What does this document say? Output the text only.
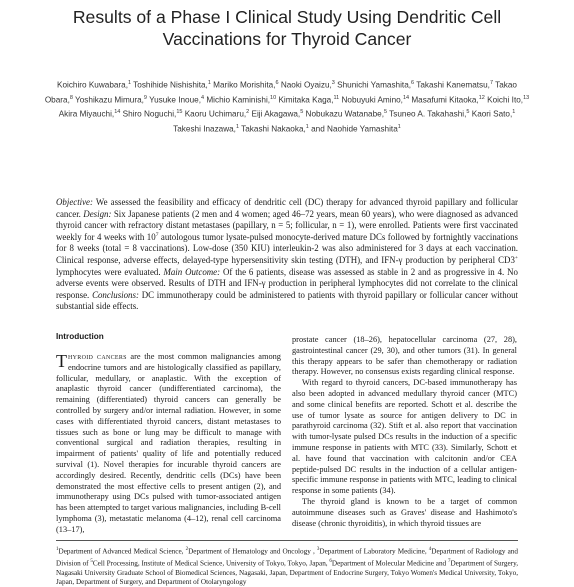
Results of a Phase I Clinical Study Using Dendritic Cell Vaccinations for Thyroid Cancer
Koichiro Kuwabara,$^1$ Toshihide Nishishita,$^1$ Mariko Morishita,$^6$ Naoki Oyaizu,$^3$ Shunichi Yamashita,$^6$ Takashi Kanematsu,$^7$ Takao Obara,$^8$ Yoshikazu Mimura,$^9$ Yusuke Inoue,$^4$ Michio Kaminishi,$^{10}$ Kimitaka Kaga,$^{11}$ Nobuyuki Amino,$^{14}$ Masafumi Kitaoka,$^{12}$ Koichi Ito,$^{13}$ Akira Miyauchi,$^{14}$ Shiro Noguchi,$^{15}$ Kaoru Uchimaru,$^2$ Eiji Akagawa,$^5$ Nobukazu Watanabe,$^5$ Tsuneo A. Takahashi,$^5$ Kaori Sato,$^1$ Takeshi Inazawa,$^1$ Takashi Nakaoka,$^1$ and Naohide Yamashita$^1$
Objective: We assessed the feasibility and efficacy of dendritic cell (DC) therapy for advanced thyroid papillary and follicular cancer. Design: Six Japanese patients (2 men and 4 women; aged 46–72 years, mean 60 years), who were diagnosed as advanced thyroid cancer with refractory distant metastases (papillary, n = 5; follicular, n = 1), were enrolled. Patients were first vaccinated weekly for 4 weeks with $10^7$ autologous tumor lysate-pulsed monocyte-derived mature DCs followed by fortnightly vaccinations for 8 weeks (total = 8 vaccinations). Low-dose (350 KIU) interleukin-2 was also administered for 3 days at each vaccination. Clinical response, adverse effects, delayed-type hypersensitivity skin testing (DTH), and IFN-γ production by peripheral CD3+ lymphocytes were evaluated. Main Outcome: Of the 6 patients, disease was assessed as stable in 2 and as progressive in 4. No adverse events were observed. Results of DTH and IFN-γ production in peripheral lymphocytes did not correlate to the clinical response. Conclusions: DC immunotherapy could be administered to patients with thyroid papillary or follicular cancer without substantial side effects.
Introduction

Thyroid cancers are the most common malignancies among endocrine tumors and are histologically classified as papillary, follicular, medullary, or anaplastic. With the exception of anaplastic thyroid cancer (undifferentiated carcinoma), the remaining (differentiated) thyroid cancers can generally be controlled by surgery and/or internal radiation. However, in some cases with differentiated thyroid cancers, distant metastases to tissues such as bone or lung may be difficult to manage with conventional surgical and radiation therapies, resulting in impairment of patients' quality of life and potentially reduced survival (1). Novel therapies for incurable thyroid cancers are accordingly desired. Recently, dendritic cells (DCs) have been demonstrated the most effective cells to present antigen (2), and immunotherapy using DCs pulsed with tumor-associated antigen has been attempted to target various malignancies, including B-cell lymphoma (3), metastatic melanoma (4–12), renal cell carcinoma (13–17),

prostate cancer (18–26), hepatocellular carcinoma (27, 28), gastrointestinal cancer (29, 30), and other tumors (31). In general this therapy appears to be safer than chemotherapy or radiation therapy. However, no consensus exists regarding clinical response.

With regard to thyroid cancers, DC-based immunotherapy has also been adopted in advanced medullary thyroid cancer (MTC) and some clinical benefits are reported. Schott et al. describe the use of tumor lysate as source for antigen delivery to DC in parathyroid carcinoma (32). Stift et al. also report that vaccination with tumor-lysate pulsed DCs results in the induction of a specific immune response in patients with MTC (33). Similarly, Schott et al. have found that vaccination with calcitonin and/or CEA peptide-pulsed DC results in the induction of a cellular antigen-specific immune response in patients with MTC, leading to clinical response in some patients (34).

The thyroid gland is known to be a target of common autoimmune diseases such as Graves' disease and Hashimoto's disease (chronic thyroiditis), in which thyroid tissues are

$^1$Department of Advanced Medical Science, $^2$Department of Hematology and Oncology , $^3$Department of Laboratory Medicine, $^4$Department of Radiology and Division of $^5$Cell Processing, Institute of Medical Science, University of Tokyo, Tokyo, Japan, $^6$Department of Molecular Medicine and $^7$Department of Surgery, Nagasaki University Graduate School of Biomedical Sciences, Nagasaki, Japan, Department of Endocrine Surgery, Tokyo Women's Medical University, Tokyo, Japan, Department of Surgery, and Department of Otolaryngology
